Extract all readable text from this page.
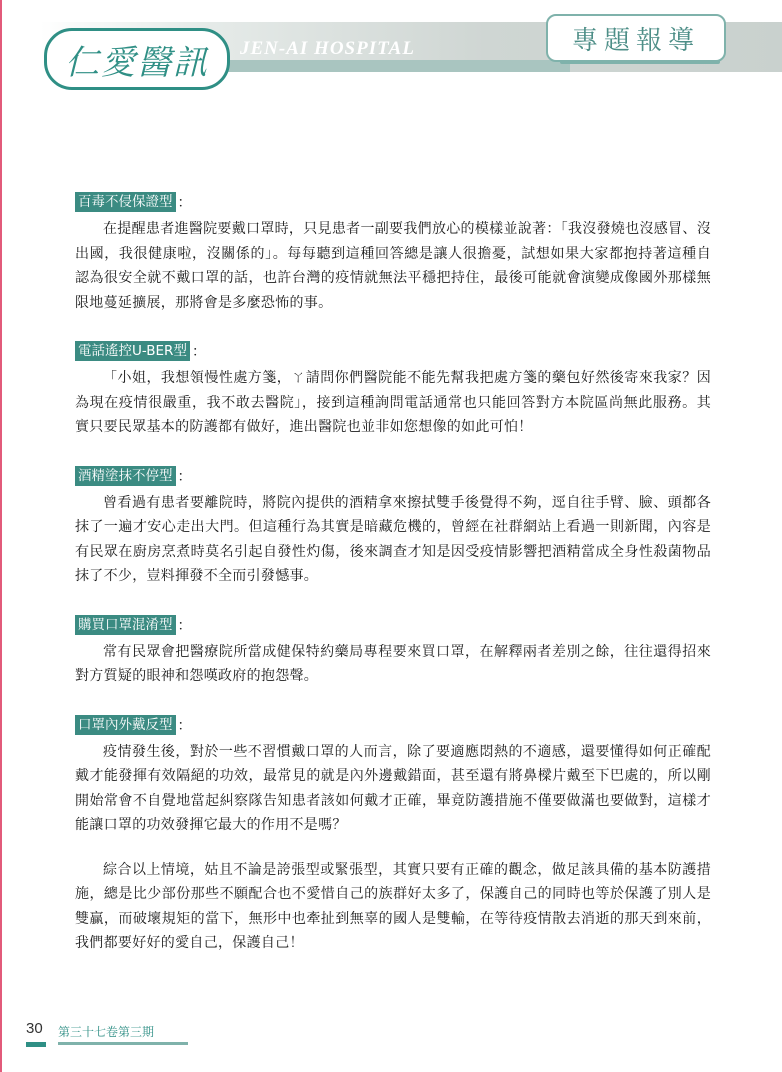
仁愛醫訊 JEN-AI HOSPITAL	專題報導
百毒不侵保證型 ：

在提醒患者進醫院要戴口罩時，只見患者一副要我們放心的模樣並說著：「我沒發燒也沒感冒、沒出國，我很健康啦，沒關係的」。每每聽到這種回答總是讓人很擔憂，試想如果大家都抱持著這種自認為很安全就不戴口罩的話，也許台灣的疫情就無法平穩把持住，最後可能就會演變成像國外那樣無限地蔓延擴展，那將會是多麼恐怖的事。

電話遙控U-BER型 ：

「小姐，我想領慢性處方箋，ㄚ請問你們醫院能不能先幫我把處方箋的藥包好然後寄來我家？因為現在疫情很嚴重，我不敢去醫院」，接到這種詢問電話通常也只能回答對方本院區尚無此服務。其實只要民眾基本的防護都有做好，進出醫院也並非如您想像的如此可怕！

酒精塗抹不停型 ：

曾看過有患者要離院時，將院內提供的酒精拿來擦拭雙手後覺得不夠，逕自往手臂、臉、頭都各抹了一遍才安心走出大門。但這種行為其實是暗藏危機的，曾經在社群網站上看過一則新聞，內容是有民眾在廚房烹煮時莫名引起自發性灼傷，後來調查才知是因受疫情影響把酒精當成全身性殺菌物品抹了不少，豈料揮發不全而引發憾事。

購買口罩混淆型 ：

常有民眾會把醫療院所當成健保特約藥局專程要來買口罩，在解釋兩者差別之餘，往往還得招來對方質疑的眼神和怨嘆政府的抱怨聲。

口罩內外戴反型 ：

疫情發生後，對於一些不習慣戴口罩的人而言，除了要適應悶熱的不適感，還要懂得如何正確配戴才能發揮有效隔絕的功效，最常見的就是內外邊戴錯面，甚至還有將鼻樑片戴至下巴處的，所以剛開始常會不自覺地當起糾察隊告知患者該如何戴才正確，畢竟防護措施不僅要做滿也要做對，這樣才能讓口罩的功效發揮它最大的作用不是嗎？

綜合以上情境，姑且不論是誇張型或緊張型，其實只要有正確的觀念，做足該具備的基本防護措施，總是比少部份那些不願配合也不愛惜自己的族群好太多了，保護自己的同時也等於保護了別人是雙贏，而破壞規矩的當下，無形中也牽扯到無辜的國人是雙輸，在等待疫情散去消逝的那天到來前，我們都要好好的愛自己，保護自己！

30 第三十七卷第三期
